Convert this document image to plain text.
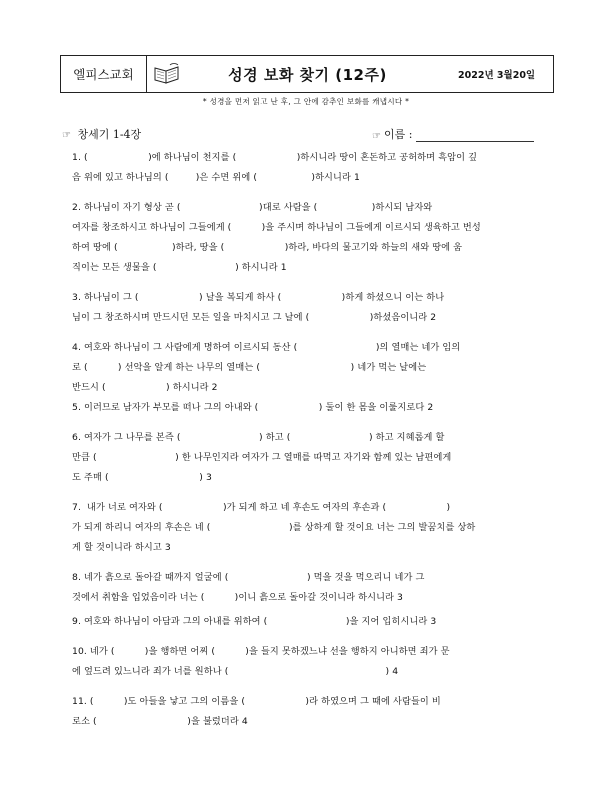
엘피스교회	성경 보화 찾기 (12주)	2022년 3월20일
* 성경을 먼저 읽고 난 후, 그 안에 감추인 보화를 캐냅시다 *
☞ 창세기 1-4장	☞ 이름 :
1. (                    )에 하나님이 천지를 (                    )하시니라 땅이 혼돈하고 공허하며 흑암이 깊
음 위에 있고 하나님의 (         )은 수면 위에 (                  )하시니라 1
2. 하나님이 자기 형상 곧 (                          )대로 사람을 (                  )하시되 남자와
여자를 창조하시고 하나님이 그들에게 (          )을 주시며 하나님이 그들에게 이르시되 생육하고 번성
하여 땅에 (                  )하라, 땅을 (                    )하라, 바다의 물고기와 하늘의 새와 땅에 움
직이는 모든 생물을 (                          ) 하시니라 1
3. 하나님이 그 (                    ) 날을 복되게 하사 (                    )하게 하셨으니 이는 하나
님이 그 창조하시며 만드시던 모든 일을 마치시고 그 날에 (                    )하셨음이니라 2
4. 여호와 하나님이 그 사람에게 명하여 이르시되 동산 (                          )의 열매는 네가 임의
로 (          ) 선악을 알게 하는 나무의 열매는 (                              ) 네가 먹는 날에는
반드시 (                    ) 하시니라 2
5. 이러므로 남자가 부모를 떠나 그의 아내와 (                    ) 둘이 한 몸을 이룰지로다 2
6. 여자가 그 나무를 본즉 (                          ) 하고 (                          ) 하고 지혜롭게 할
만큼 (                          ) 한 나무인지라 여자가 그 열매를 따먹고 자기와 함께 있는 남편에게
도 주매 (                              ) 3
7.  내가 너로 여자와 (                    )가 되게 하고 네 후손도 여자의 후손과 (                    )
가 되게 하리니 여자의 후손은 네 (                          )를 상하게 할 것이요 너는 그의 발꿈치를 상하
게 할 것이니라 하시고 3
8. 네가 흙으로 돌아갈 때까지 얼굴에 (                          ) 먹을 것을 먹으리니 네가 그
것에서 취함을 입었음이라 너는 (          )이니 흙으로 돌아갈 것이니라 하시니라 3
9. 여호와 하나님이 아담과 그의 아내를 위하여 (                          )을 지어 입히시니라 3
10. 네가 (          )을 행하면 어찌 (          )을 들지 못하겠느냐 선을 행하지 아니하면 죄가 문
에 엎드려 있느니라 죄가 너를 원하나 (                                                    ) 4
11. (          )도 아들을 낳고 그의 이름을 (                    )라 하였으며 그 때에 사람들이 비
로소 (                              )을 불렀더라 4
